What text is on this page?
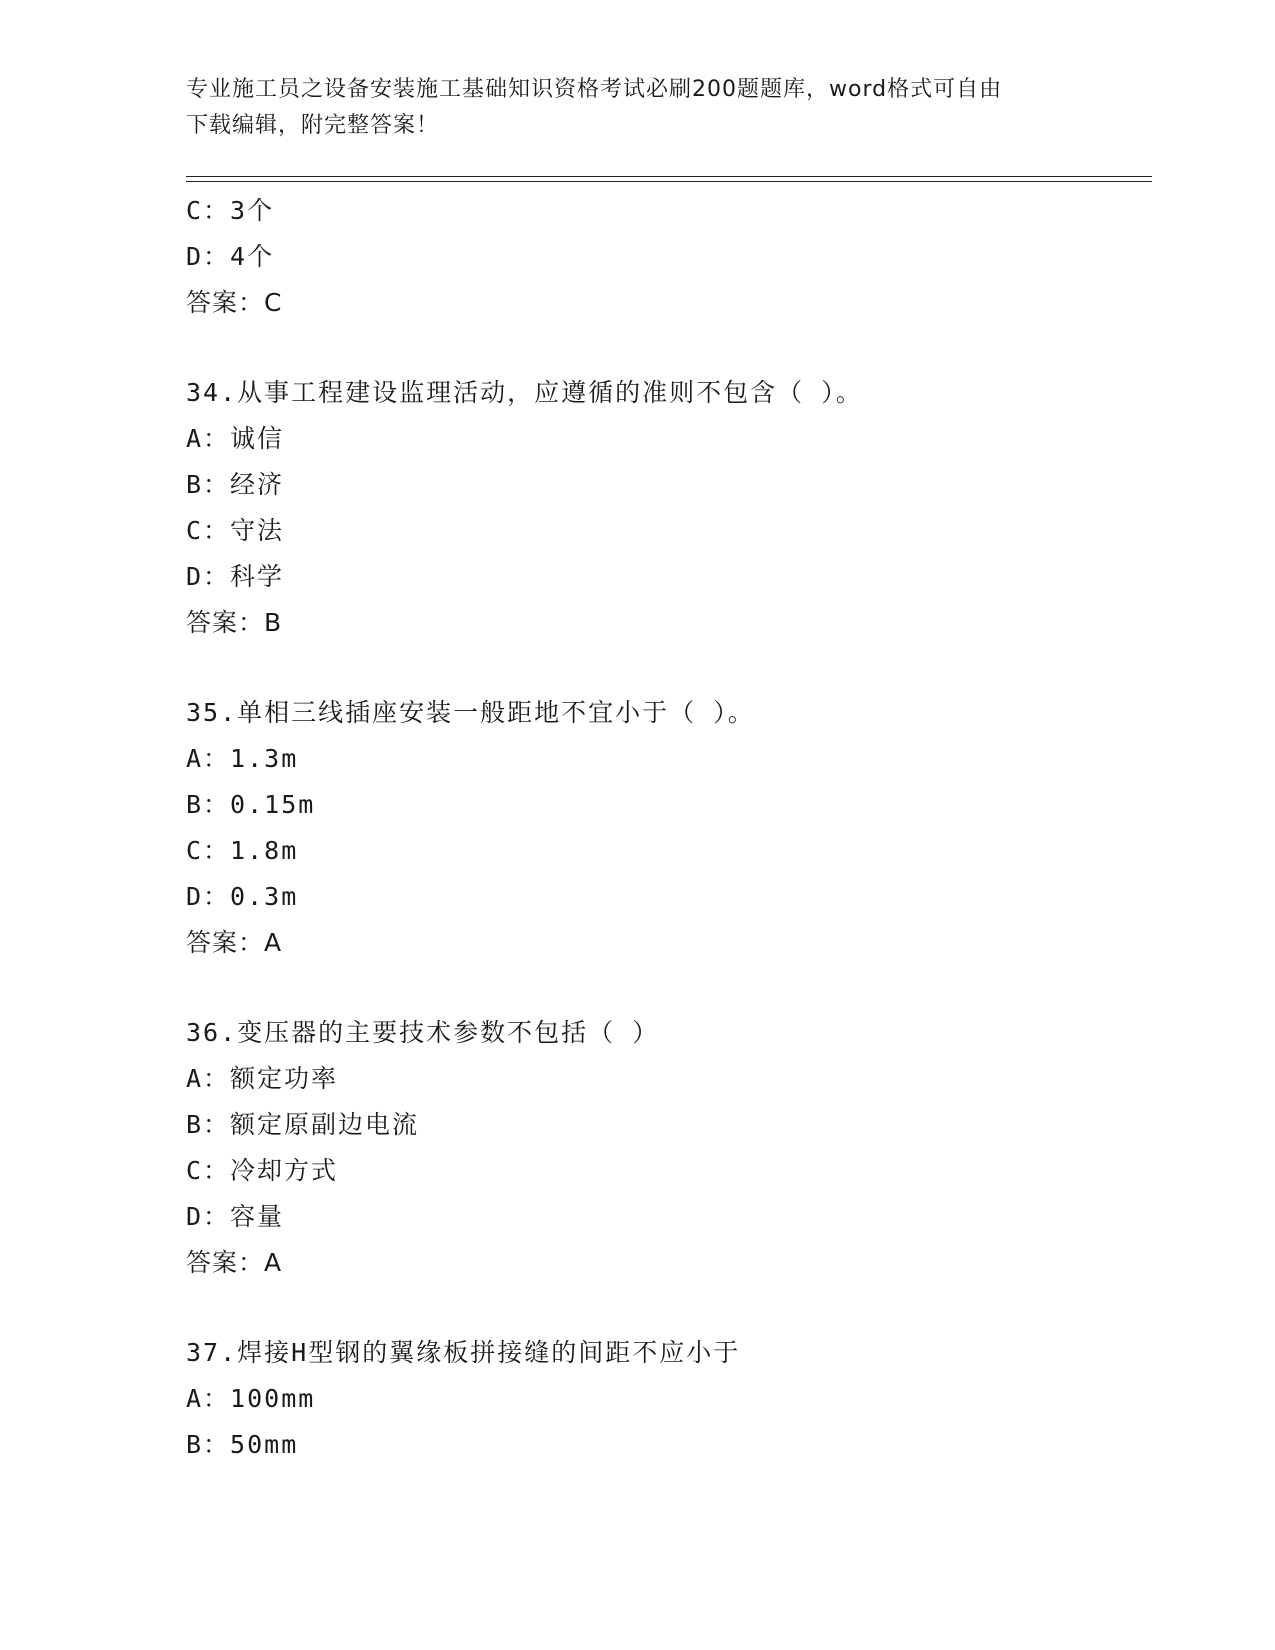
专业施工员之设备安装施工基础知识资格考试必刷200题题库，word格式可自由
下载编辑，附完整答案！
C：3个
D：4个
答案：C
34.从事工程建设监理活动，应遵循的准则不包含（ ）。
A：诚信
B：经济
C：守法
D：科学
答案：B
35.单相三线插座安装一般距地不宜小于（ ）。
A：1.3m
B：0.15m
C：1.8m
D：0.3m
答案：A
36.变压器的主要技术参数不包括（ ）
A：额定功率
B：额定原副边电流
C：冷却方式
D：容量
答案：A
37.焊接H型钢的翼缘板拼接缝的间距不应小于
A：100mm
B：50mm
